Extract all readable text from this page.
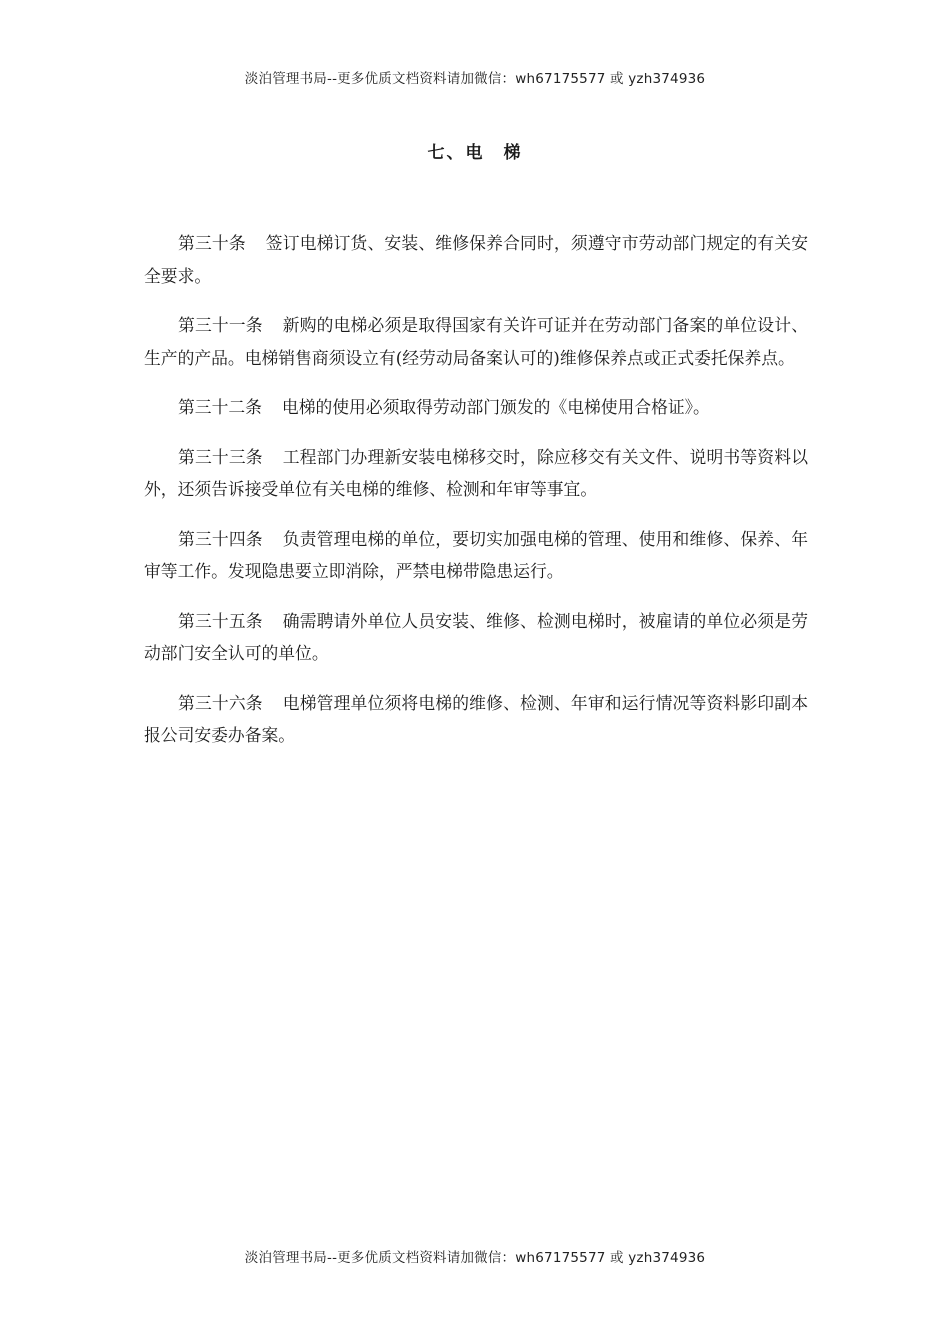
淡泊管理书局--更多优质文档资料请加微信：wh67175577 或 yzh374936
七、电　梯

第三十条 签订电梯订货、安装、维修保养合同时，须遵守市劳动部门规定的有关安全要求。

第三十一条 新购的电梯必须是取得国家有关许可证并在劳动部门备案的单位设计、生产的产品。电梯销售商须设立有(经劳动局备案认可的)维修保养点或正式委托保养点。

第三十二条 电梯的使用必须取得劳动部门颁发的《电梯使用合格证》。

第三十三条 工程部门办理新安装电梯移交时，除应移交有关文件、说明书等资料以外，还须告诉接受单位有关电梯的维修、检测和年审等事宜。

第三十四条 负责管理电梯的单位，要切实加强电梯的管理、使用和维修、保养、年审等工作。发现隐患要立即消除，严禁电梯带隐患运行。

第三十五条 确需聘请外单位人员安装、维修、检测电梯时，被雇请的单位必须是劳动部门安全认可的单位。

第三十六条 电梯管理单位须将电梯的维修、检测、年审和运行情况等资料影印副本报公司安委办备案。

淡泊管理书局--更多优质文档资料请加微信：wh67175577 或 yzh374936
